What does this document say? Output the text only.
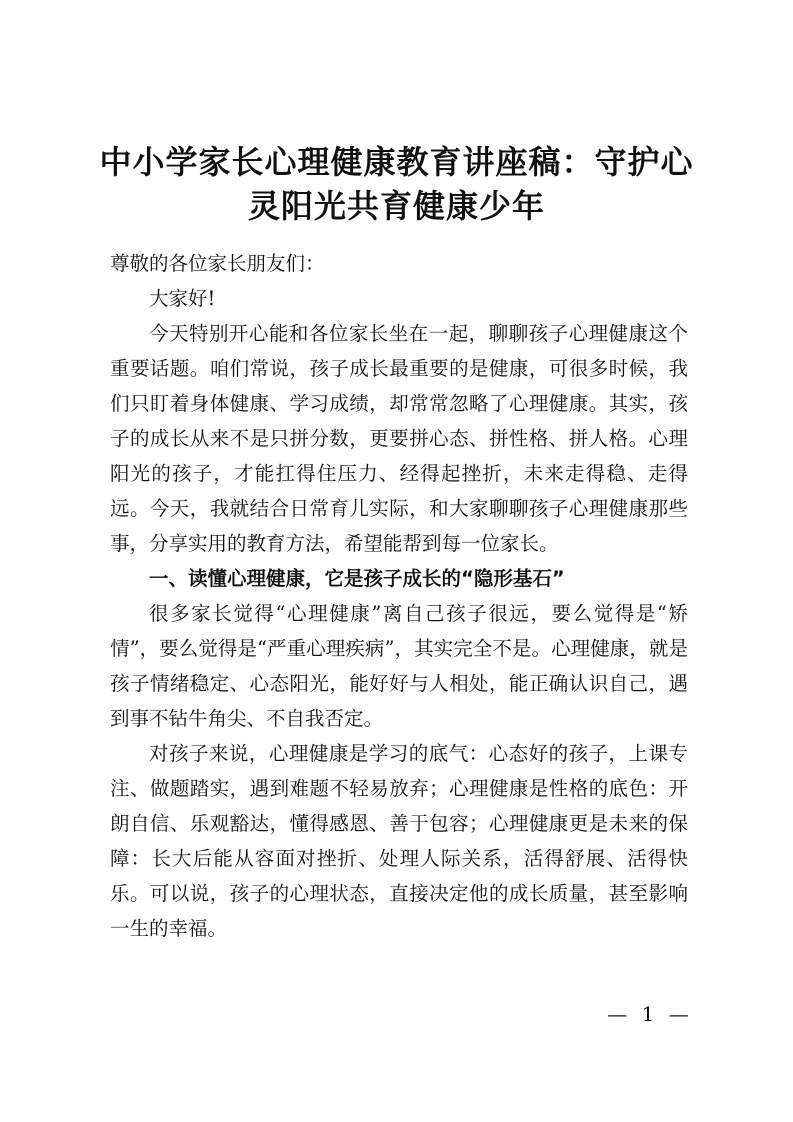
中小学家长心理健康教育讲座稿：守护心
灵阳光共育健康少年

尊敬的各位家长朋友们：

大家好!

今天特别开心能和各位家长坐在一起，聊聊孩子心理健康这个重要话题。咱们常说，孩子成长最重要的是健康，可很多时候，我们只盯着身体健康、学习成绩，却常常忽略了心理健康。其实，孩子的成长从来不是只拼分数，更要拼心态、拼性格、拼人格。心理阳光的孩子，才能扛得住压力、经得起挫折，未来走得稳、走得远。今天，我就结合日常育儿实际，和大家聊聊孩子心理健康那些事，分享实用的教育方法，希望能帮到每一位家长。

一、读懂心理健康，它是孩子成长的“隐形基石”

很多家长觉得“心理健康”离自己孩子很远，要么觉得是“矫情”，要么觉得是“严重心理疾病”，其实完全不是。心理健康，就是孩子情绪稳定、心态阳光，能好好与人相处，能正确认识自己，遇到事不钻牛角尖、不自我否定。

对孩子来说，心理健康是学习的底气：心态好的孩子，上课专注、做题踏实，遇到难题不轻易放弃；心理健康是性格的底色：开朗自信、乐观豁达，懂得感恩、善于包容；心理健康更是未来的保障：长大后能从容面对挫折、处理人际关系，活得舒展、活得快乐。可以说，孩子的心理状态，直接决定他的成长质量，甚至影响一生的幸福。

— 1 —
